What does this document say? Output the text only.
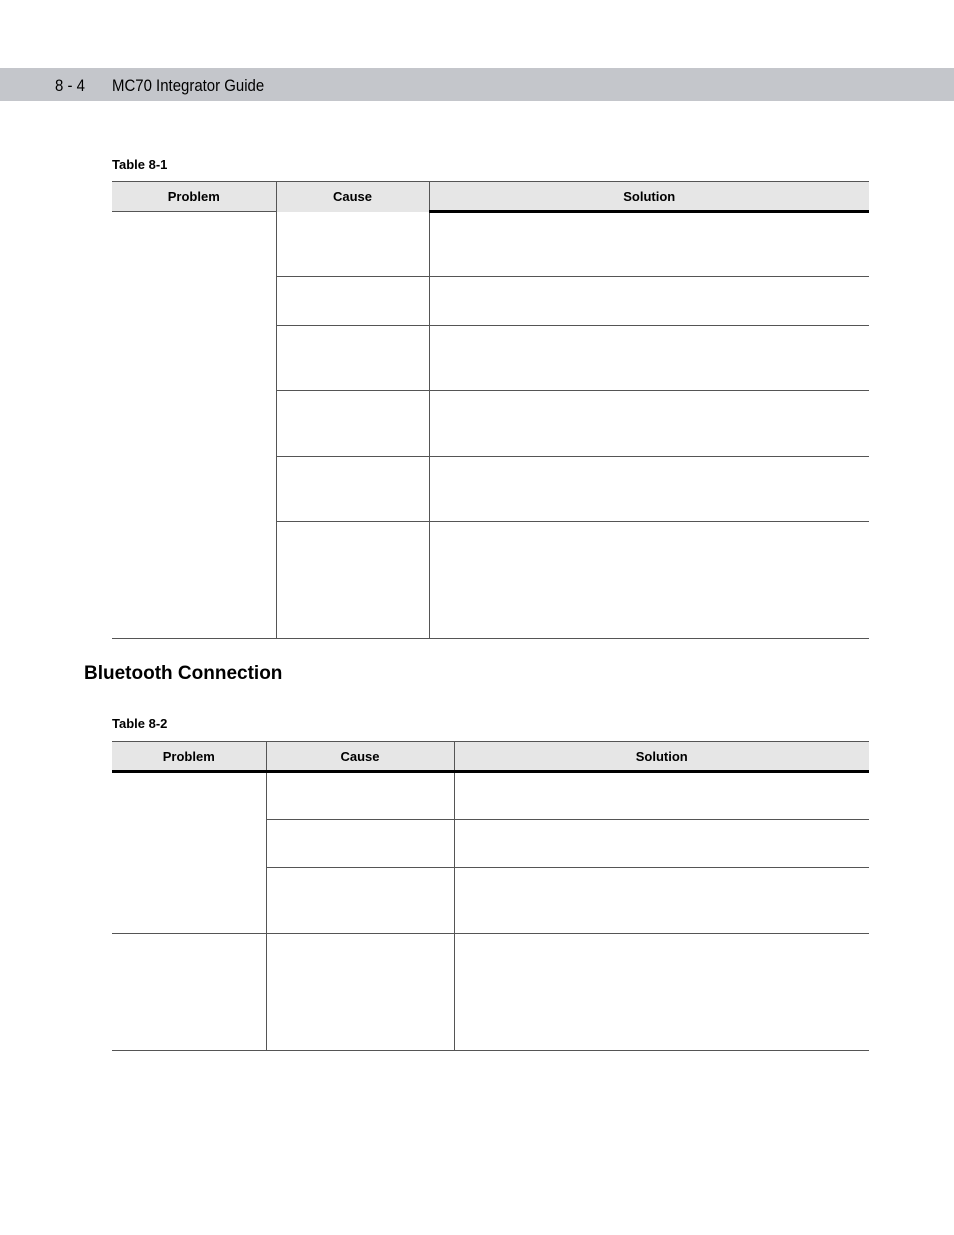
8 - 4 MC70 Integrator Guide
Table 8-1
Problem	Cause	Solution

Bluetooth Connection
Table 8-2
Problem	Cause	Solution
